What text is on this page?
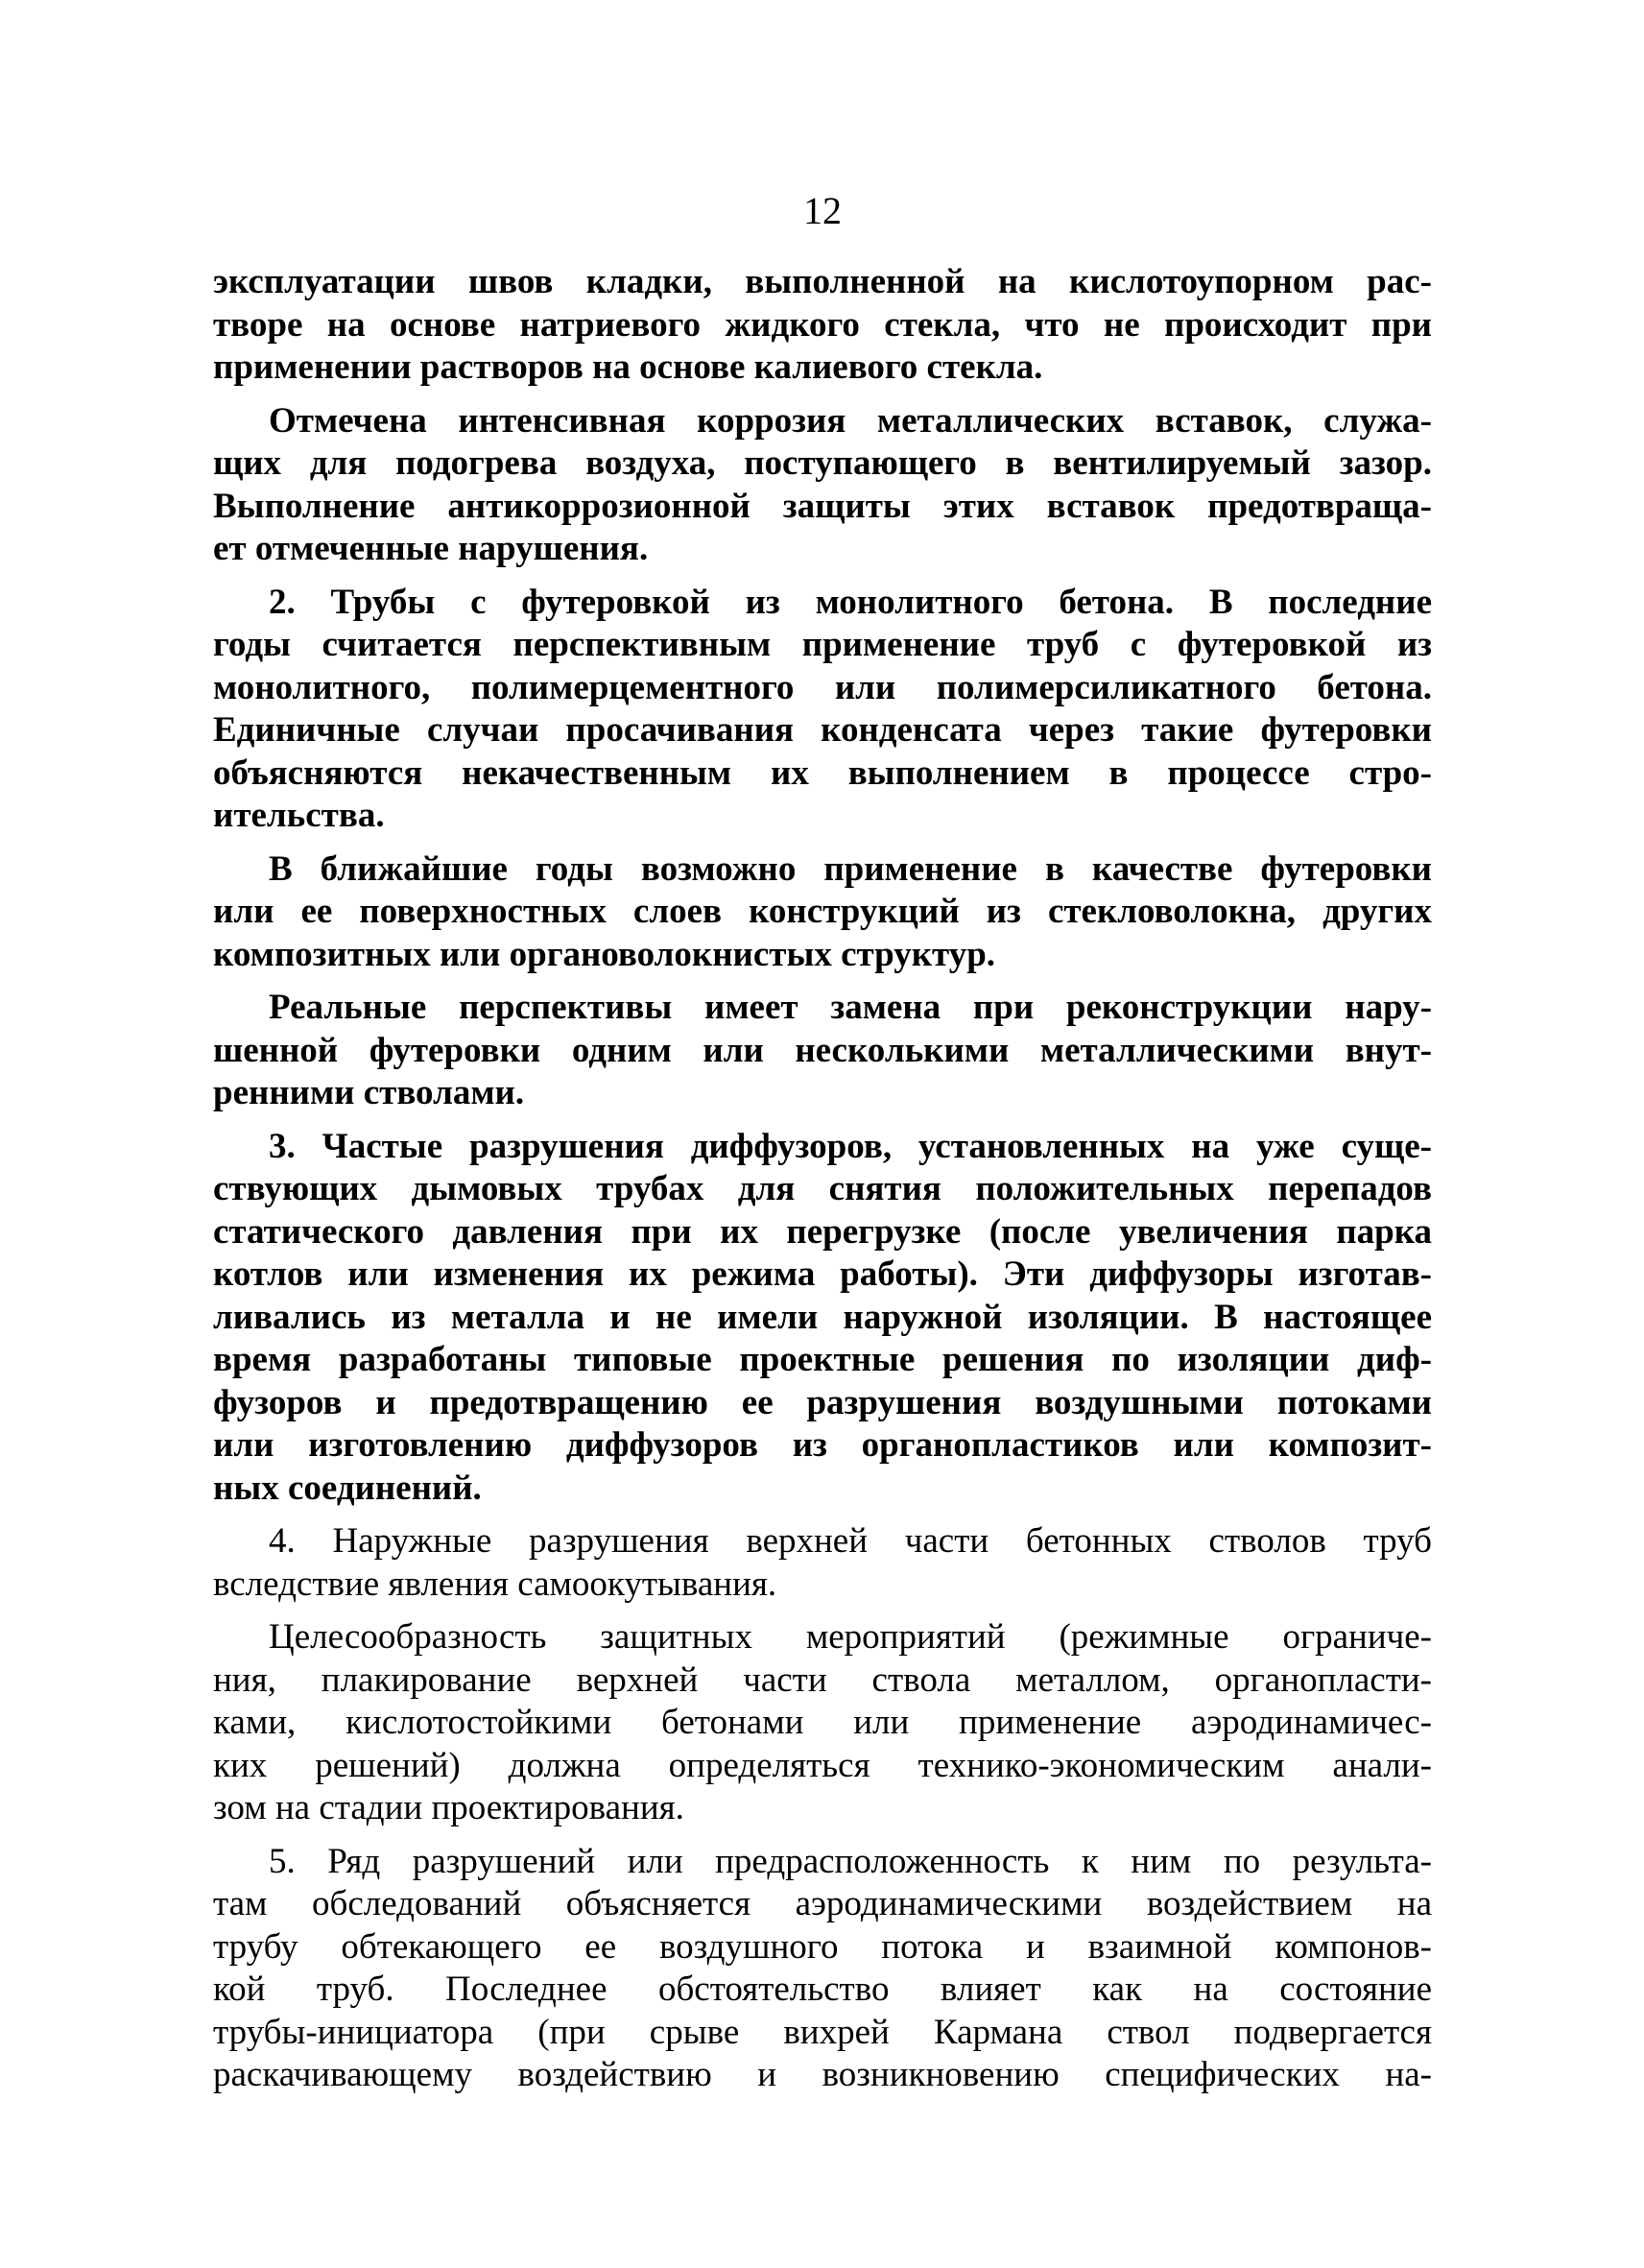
12

эксплуатации швов кладки, выполненной на кислотоупорном рас-
творе на основе натриевого жидкого стекла, что не происходит при
применении растворов на основе калиевого стекла.

Отмечена интенсивная коррозия металлических вставок, служа-
щих для подогрева воздуха, поступающего в вентилируемый зазор.
Выполнение антикоррозионной защиты этих вставок предотвраща-
ет отмеченные нарушения.

2. Трубы с футеровкой из монолитного бетона. В последние
годы считается перспективным применение труб с футеровкой из
монолитного, полимерцементного или полимерсиликатного бетона.
Единичные случаи просачивания конденсата через такие футеровки
объясняются некачественным их выполнением в процессе стро-
ительства.

В ближайшие годы возможно применение в качестве футеровки
или ее поверхностных слоев конструкций из стекловолокна, других
композитных или органоволокнистых структур.

Реальные перспективы имеет замена при реконструкции нару-
шенной футеровки одним или несколькими металлическими внут-
ренними стволами.

3. Частые разрушения диффузоров, установленных на уже суще-
ствующих дымовых трубах для снятия положительных перепадов
статического давления при их перегрузке (после увеличения парка
котлов или изменения их режима работы). Эти диффузоры изготав-
ливались из металла и не имели наружной изоляции. В настоящее
время разработаны типовые проектные решения по изоляции диф-
фузоров и предотвращению ее разрушения воздушными потоками
или изготовлению диффузоров из органопластиков или композит-
ных соединений.

4. Наружные разрушения верхней части бетонных стволов труб
вследствие явления самоокутывания.

Целесообразность защитных мероприятий (режимные ограниче-
ния, плакирование верхней части ствола металлом, органопласти-
ками, кислотостойкими бетонами или применение аэродинамичес-
ких решений) должна определяться технико-экономическим анали-
зом на стадии проектирования.

5. Ряд разрушений или предрасположенность к ним по результа-
там обследований объясняется аэродинамическими воздействием на
трубу обтекающего ее воздушного потока и взаимной компонов-
кой труб. Последнее обстоятельство влияет как на состояние
трубы-инициатора (при срыве вихрей Кармана ствол подвергается
раскачивающему воздействию и возникновению специфических на-
